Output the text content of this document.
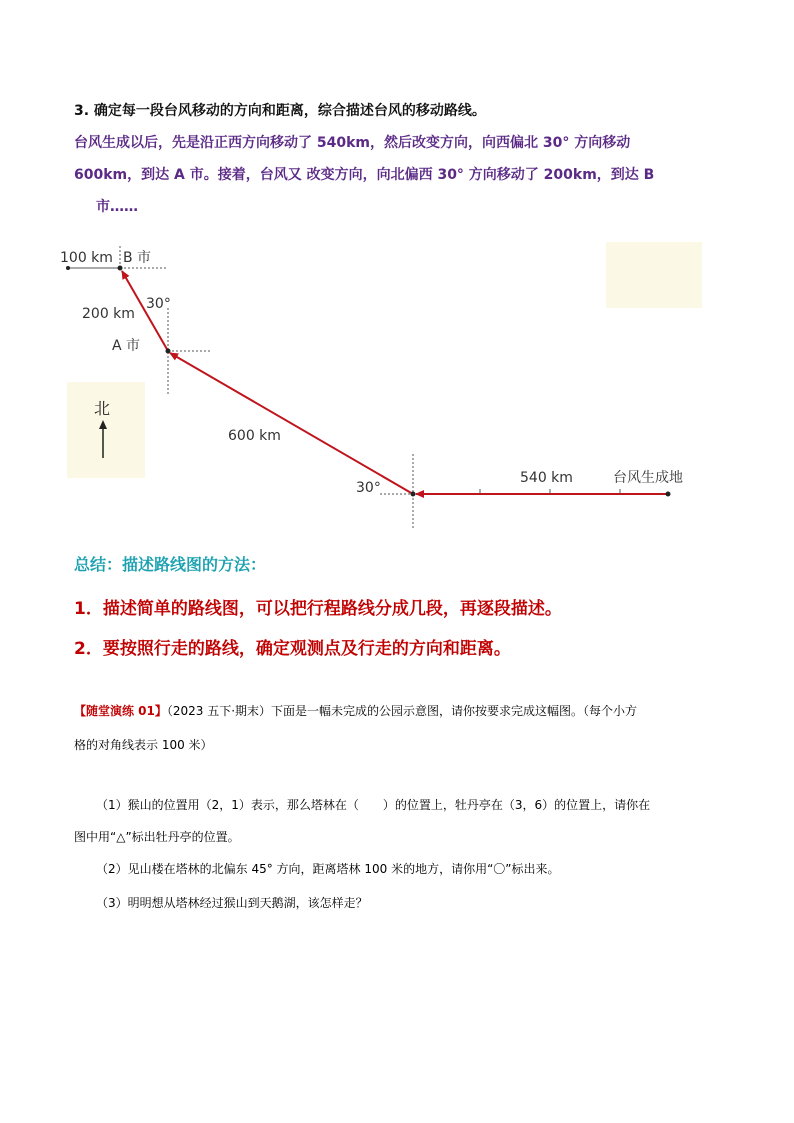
3. 确定每一段台风移动的方向和距离，综合描述台风的移动路线。
台风生成以后，先是沿正西方向移动了 540km，然后改变方向，向西偏北 30° 方向移动
600km，到达 A 市。接着，台风又 改变方向，向北偏西 30° 方向移动了 200km，到达 B
市……
100 km B 市
30°
200 km
A 市
北
600 km
30°
540 km	台风生成地
总结：描述路线图的方法：
1．描述简单的路线图，可以把行程路线分成几段，再逐段描述。
2．要按照行走的路线，确定观测点及行走的方向和距离。
【随堂演练 01】（2023 五下·期末）下面是一幅未完成的公园示意图，请你按要求完成这幅图。（每个小方
格的对角线表示 100 米）
（1）猴山的位置用（2，1）表示，那么塔林在（　　）的位置上，牡丹亭在（3，6）的位置上，请你在
图中用“△”标出牡丹亭的位置。
（2）见山楼在塔林的北偏东 45° 方向，距离塔林 100 米的地方，请你用“〇”标出来。
（3）明明想从塔林经过猴山到天鹅湖，该怎样走？
